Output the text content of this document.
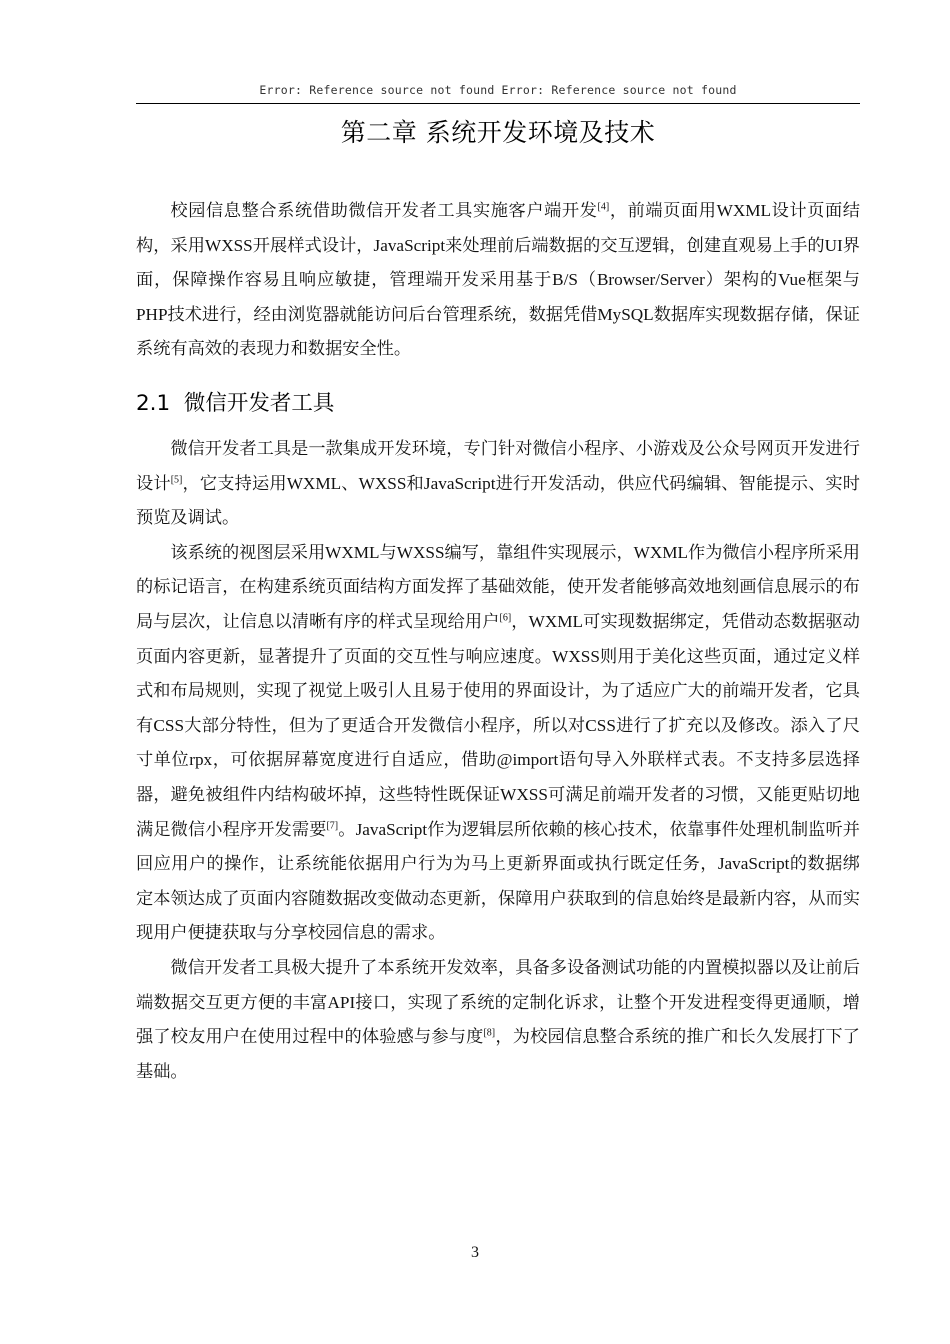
Error: Reference source not found Error: Reference source not found
第二章 系统开发环境及技术

校园信息整合系统借助微信开发者工具实施客户端开发[4]，前端页面用WXML设计页面结构，采用WXSS开展样式设计，JavaScript来处理前后端数据的交互逻辑，创建直观易上手的UI界面，保障操作容易且响应敏捷，管理端开发采用基于B/S（Browser/Server）架构的Vue框架与PHP技术进行，经由浏览器就能访问后台管理系统，数据凭借MySQL数据库实现数据存储，保证系统有高效的表现力和数据安全性。

2.1 微信开发者工具

微信开发者工具是一款集成开发环境，专门针对微信小程序、小游戏及公众号网页开发进行设计[5]，它支持运用WXML、WXSS和JavaScript进行开发活动，供应代码编辑、智能提示、实时预览及调试。

该系统的视图层采用WXML与WXSS编写，靠组件实现展示，WXML作为微信小程序所采用的标记语言，在构建系统页面结构方面发挥了基础效能，使开发者能够高效地刻画信息展示的布局与层次，让信息以清晰有序的样式呈现给用户[6]，WXML可实现数据绑定，凭借动态数据驱动页面内容更新，显著提升了页面的交互性与响应速度。WXSS则用于美化这些页面，通过定义样式和布局规则，实现了视觉上吸引人且易于使用的界面设计，为了适应广大的前端开发者，它具有CSS大部分特性，但为了更适合开发微信小程序，所以对CSS进行了扩充以及修改。添入了尺寸单位rpx，可依据屏幕宽度进行自适应，借助@import语句导入外联样式表。不支持多层选择器，避免被组件内结构破坏掉，这些特性既保证WXSS可满足前端开发者的习惯，又能更贴切地满足微信小程序开发需要[7]。JavaScript作为逻辑层所依赖的核心技术，依靠事件处理机制监听并回应用户的操作，让系统能依据用户行为为马上更新界面或执行既定任务，JavaScript的数据绑定本领达成了页面内容随数据改变做动态更新，保障用户获取到的信息始终是最新内容，从而实现用户便捷获取与分享校园信息的需求。

微信开发者工具极大提升了本系统开发效率，具备多设备测试功能的内置模拟器以及让前后端数据交互更方便的丰富API接口，实现了系统的定制化诉求，让整个开发进程变得更通顺，增强了校友用户在使用过程中的体验感与参与度[8]，为校园信息整合系统的推广和长久发展打下了基础。

3
